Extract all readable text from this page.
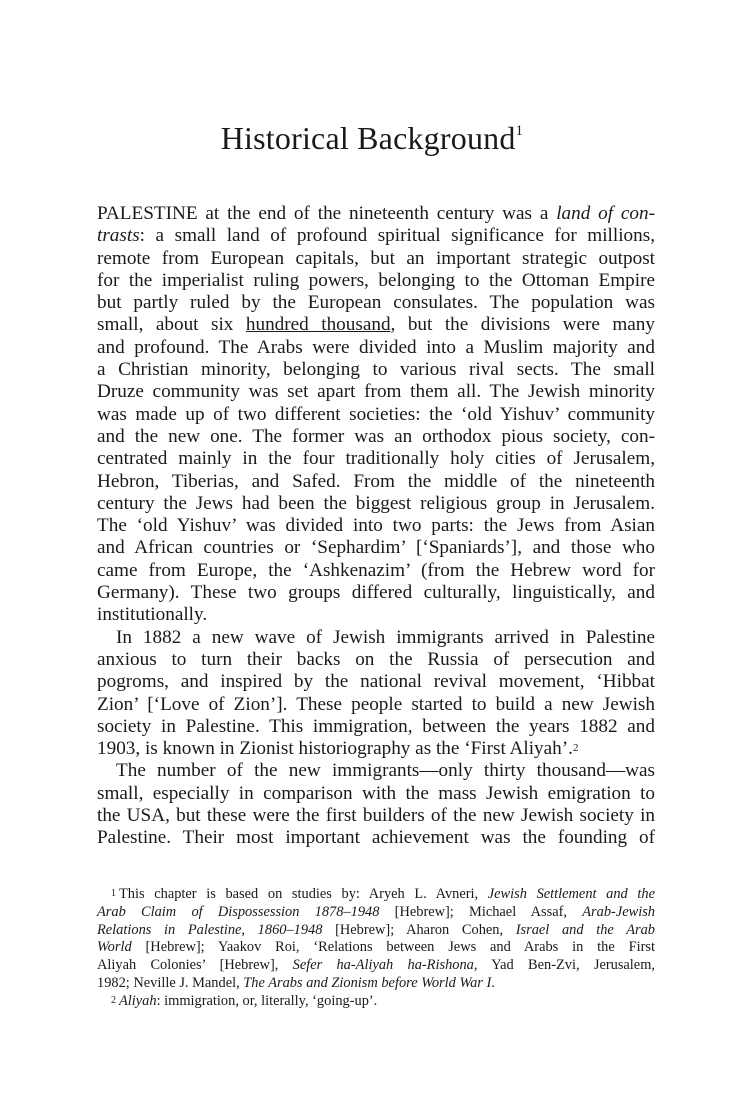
Historical Background$^1$
PALESTINE at the end of the nineteenth century was a land of con-
trasts: a small land of profound spiritual significance for millions,
remote from European capitals, but an important strategic outpost
for the imperialist ruling powers, belonging to the Ottoman Empire
but partly ruled by the European consulates. The population was
small, about six hundred thousand, but the divisions were many
and profound. The Arabs were divided into a Muslim majority and
a Christian minority, belonging to various rival sects. The small
Druze community was set apart from them all. The Jewish minority
was made up of two different societies: the ‘old Yishuv’ community
and the new one. The former was an orthodox pious society, con-
centrated mainly in the four traditionally holy cities of Jerusalem,
Hebron, Tiberias, and Safed. From the middle of the nineteenth
century the Jews had been the biggest religious group in Jerusalem.
The ‘old Yishuv’ was divided into two parts: the Jews from Asian
and African countries or ‘Sephardim’ [‘Spaniards’], and those who
came from Europe, the ‘Ashkenazim’ (from the Hebrew word for
Germany). These two groups differed culturally, linguistically, and
institutionally.
In 1882 a new wave of Jewish immigrants arrived in Palestine
anxious to turn their backs on the Russia of persecution and
pogroms, and inspired by the national revival movement, ‘Hibbat
Zion’ [‘Love of Zion’]. These people started to build a new Jewish
society in Palestine. This immigration, between the years 1882 and
1903, is known in Zionist historiography as the ‘First Aliyah’.$^2$
The number of the new immigrants—only thirty thousand—was
small, especially in comparison with the mass Jewish emigration to
the USA, but these were the first builders of the new Jewish society in
Palestine. Their most important achievement was the founding of
$^1$ This chapter is based on studies by: Aryeh L. Avneri, Jewish Settlement and the
Arab Claim of Dispossession 1878–1948 [Hebrew]; Michael Assaf, Arab-Jewish
Relations in Palestine, 1860–1948 [Hebrew]; Aharon Cohen, Israel and the Arab
World [Hebrew]; Yaakov Roi, ‘Relations between Jews and Arabs in the First
Aliyah Colonies’ [Hebrew], Sefer ha-Aliyah ha-Rishona, Yad Ben-Zvi, Jerusalem,
1982; Neville J. Mandel, The Arabs and Zionism before World War I.
$^2$ Aliyah: immigration, or, literally, ‘going-up’.
